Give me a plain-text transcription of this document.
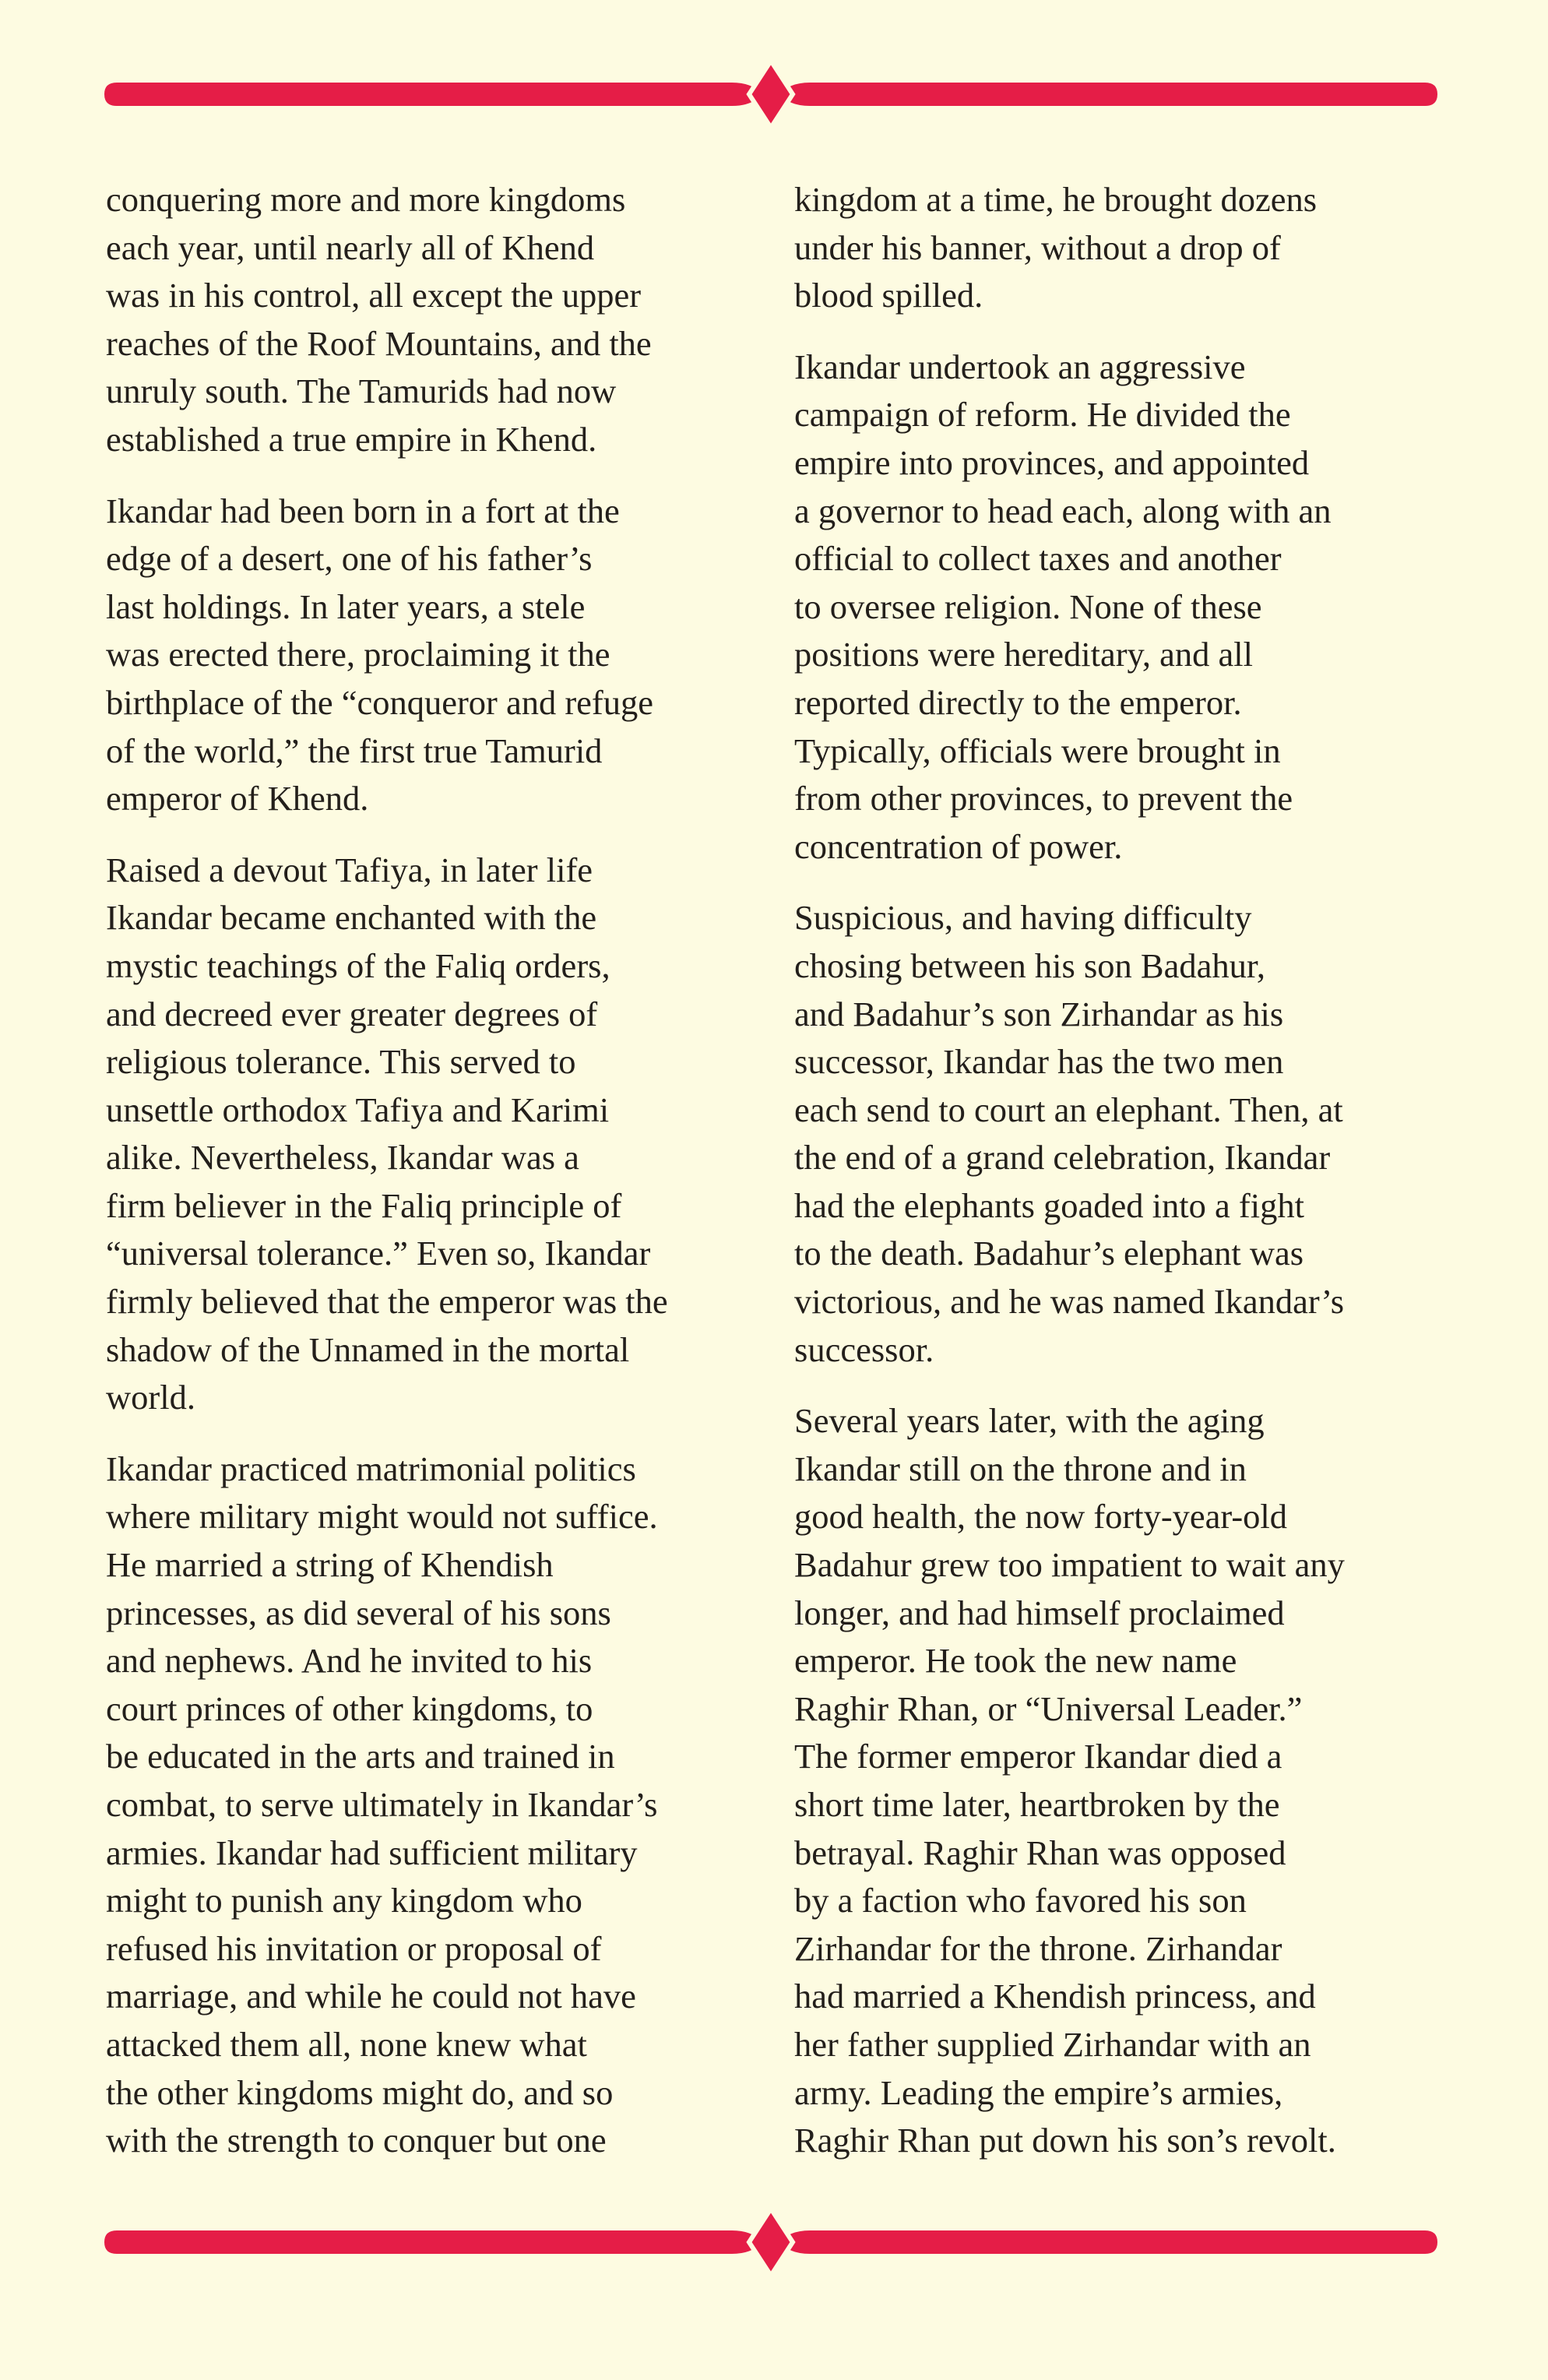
conquering more and more kingdoms
each year, until nearly all of Khend
was in his control, all except the upper
reaches of the Roof Mountains, and the
unruly south. The Tamurids had now
established a true empire in Khend.

Ikandar had been born in a fort at the
edge of a desert, one of his father’s
last holdings. In later years, a stele
was erected there, proclaiming it the
birthplace of the “conqueror and refuge
of the world,” the first true Tamurid
emperor of Khend.

Raised a devout Tafiya, in later life
Ikandar became enchanted with the
mystic teachings of the Faliq orders,
and decreed ever greater degrees of
religious tolerance. This served to
unsettle orthodox Tafiya and Karimi
alike. Nevertheless, Ikandar was a
firm believer in the Faliq principle of
“universal tolerance.” Even so, Ikandar
firmly believed that the emperor was the
shadow of the Unnamed in the mortal
world.

Ikandar practiced matrimonial politics
where military might would not suffice.
He married a string of Khendish
princesses, as did several of his sons
and nephews. And he invited to his
court princes of other kingdoms, to
be educated in the arts and trained in
combat, to serve ultimately in Ikandar’s
armies. Ikandar had sufficient military
might to punish any kingdom who
refused his invitation or proposal of
marriage, and while he could not have
attacked them all, none knew what
the other kingdoms might do, and so
with the strength to conquer but one

kingdom at a time, he brought dozens
under his banner, without a drop of
blood spilled.

Ikandar undertook an aggressive
campaign of reform. He divided the
empire into provinces, and appointed
a governor to head each, along with an
official to collect taxes and another
to oversee religion. None of these
positions were hereditary, and all
reported directly to the emperor.
Typically, officials were brought in
from other provinces, to prevent the
concentration of power.

Suspicious, and having difficulty
chosing between his son Badahur,
and Badahur’s son Zirhandar as his
successor, Ikandar has the two men
each send to court an elephant. Then, at
the end of a grand celebration, Ikandar
had the elephants goaded into a fight
to the death. Badahur’s elephant was
victorious, and he was named Ikandar’s
successor.

Several years later, with the aging
Ikandar still on the throne and in
good health, the now forty-year-old
Badahur grew too impatient to wait any
longer, and had himself proclaimed
emperor. He took the new name
Raghir Rhan, or “Universal Leader.”
The former emperor Ikandar died a
short time later, heartbroken by the
betrayal. Raghir Rhan was opposed
by a faction who favored his son
Zirhandar for the throne. Zirhandar
had married a Khendish princess, and
her father supplied Zirhandar with an
army. Leading the empire’s armies,
Raghir Rhan put down his son’s revolt.
